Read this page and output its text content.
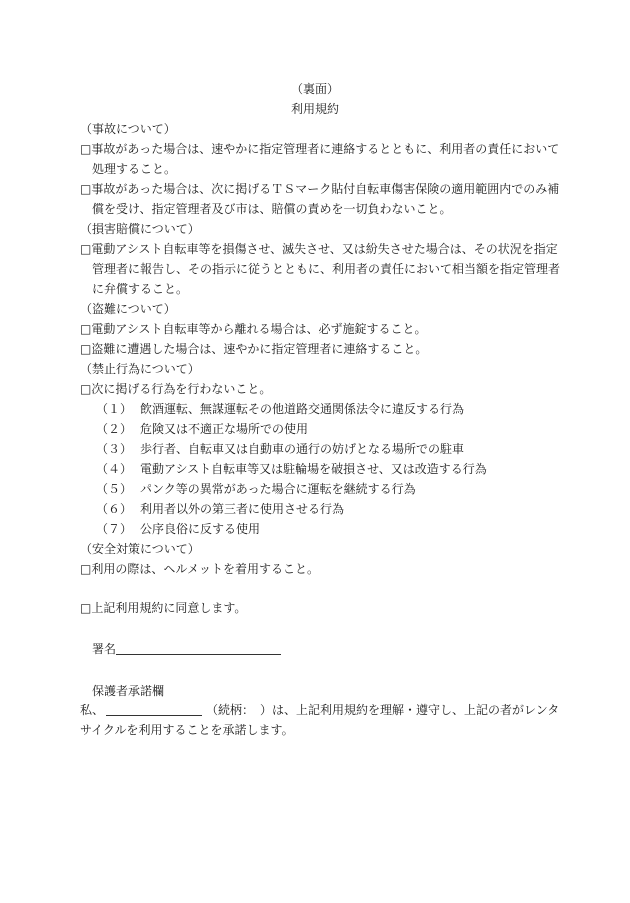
（裏面）
利用規約
（事故について）
□事故があった場合は、速やかに指定管理者に連絡するとともに、利用者の責任において
処理すること。
□事故があった場合は、次に掲げるＴＳマーク貼付自転車傷害保険の適用範囲内でのみ補
償を受け、指定管理者及び市は、賠償の責めを一切負わないこと。
（損害賠償について）
□電動アシスト自転車等を損傷させ、滅失させ、又は紛失させた場合は、その状況を指定
管理者に報告し、その指示に従うとともに、利用者の責任において相当額を指定管理者
に弁償すること。
（盗難について）
□電動アシスト自転車等から離れる場合は、必ず施錠すること。
□盗難に遭遇した場合は、速やかに指定管理者に連絡すること。
（禁止行為について）
□次に掲げる行為を行わないこと。
（１） 飲酒運転、無謀運転その他道路交通関係法令に違反する行為
（２） 危険又は不適正な場所での使用
（３） 歩行者、自転車又は自動車の通行の妨げとなる場所での駐車
（４） 電動アシスト自転車等又は駐輪場を破損させ、又は改造する行為
（５） パンク等の異常があった場合に運転を継続する行為
（６） 利用者以外の第三者に使用させる行為
（７） 公序良俗に反する使用
（安全対策について）
□利用の際は、ヘルメットを着用すること。
□上記利用規約に同意します。
署名
保護者承諾欄
私、	（続柄：　）は、上記利用規約を理解・遵守し、上記の者がレンタ
サイクルを利用することを承諾します。
